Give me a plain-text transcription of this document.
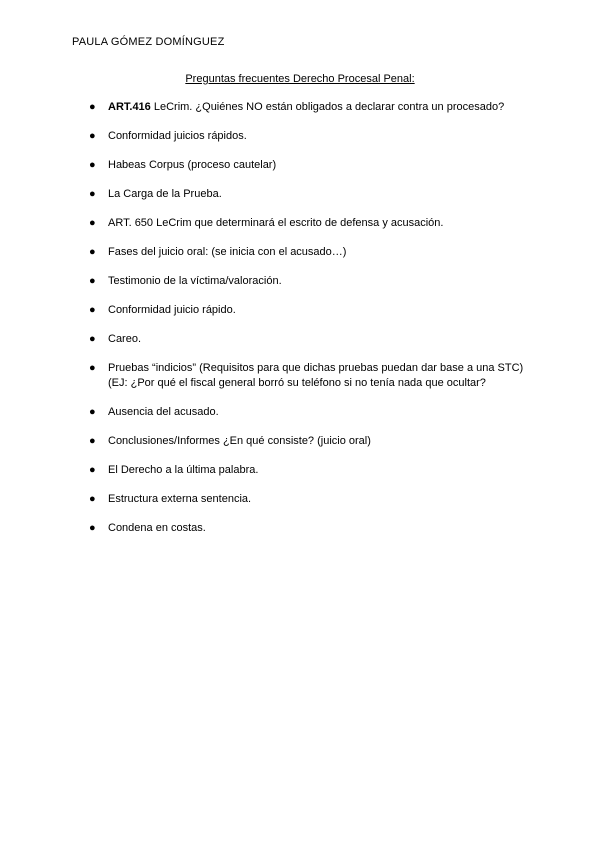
PAULA GÓMEZ DOMÍNGUEZ
Preguntas frecuentes Derecho Procesal Penal:
● ART.416 LeCrim. ¿Quiénes NO están obligados a declarar contra un procesado?
● Conformidad juicios rápidos.
● Habeas Corpus (proceso cautelar)
● La Carga de la Prueba.
● ART. 650 LeCrim que determinará el escrito de defensa y acusación.
● Fases del juicio oral: (se inicia con el acusado…)
● Testimonio de la víctima/valoración.
● Conformidad juicio rápido.
● Careo.
● Pruebas “indicios” (Requisitos para que dichas pruebas puedan dar base a una STC)
(EJ: ¿Por qué el fiscal general borró su teléfono si no tenía nada que ocultar?
● Ausencia del acusado.
● Conclusiones/Informes ¿En qué consiste? (juicio oral)
● El Derecho a la última palabra.
● Estructura externa sentencia.
● Condena en costas.
